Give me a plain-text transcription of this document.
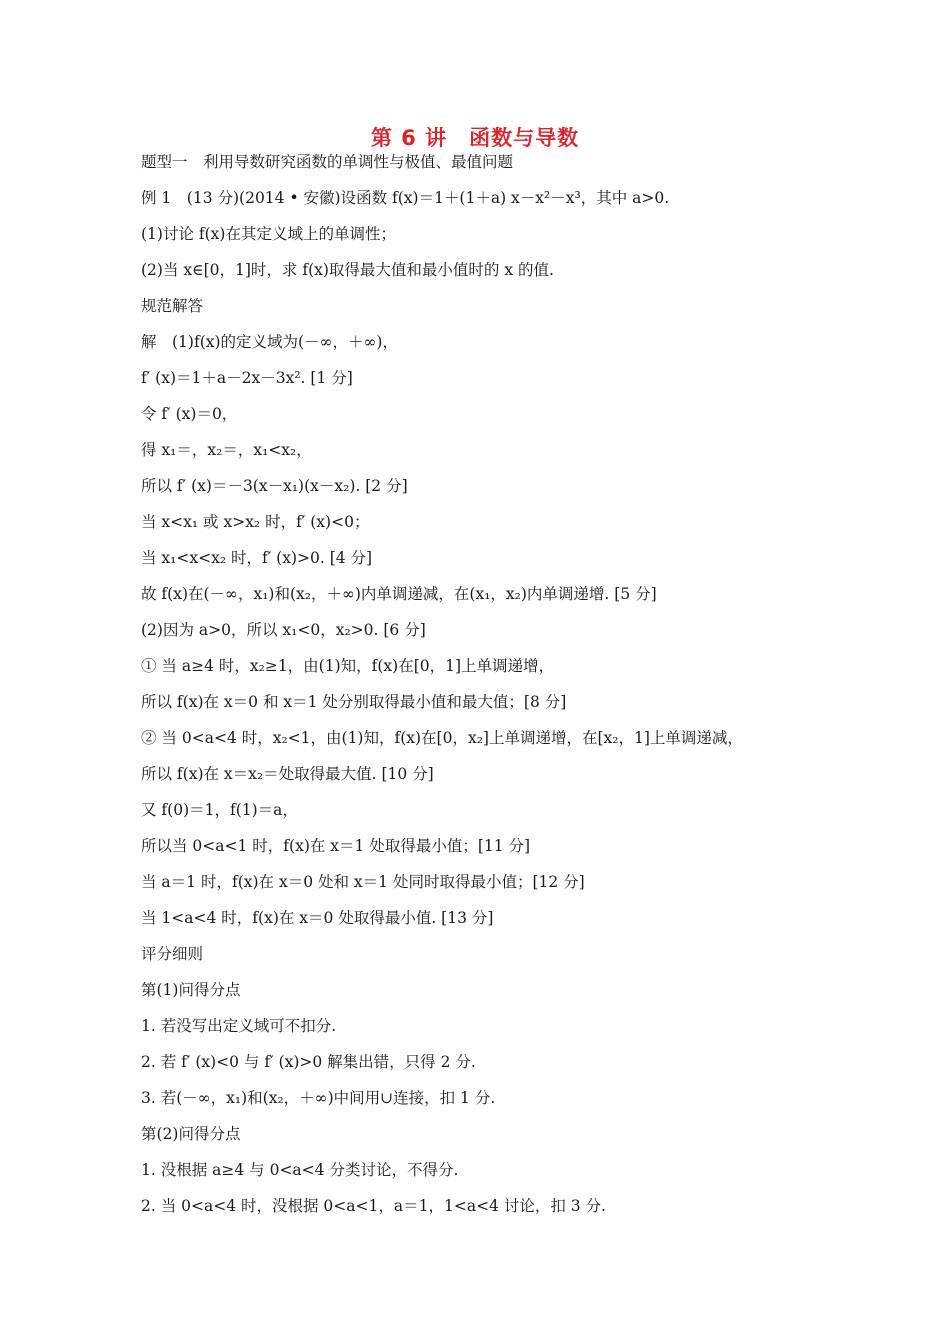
第 6 讲　函数与导数
题型一　利用导数研究函数的单调性与极值、最值问题
例 1　(13 分)(2014 • 安徽)设函数 f(x)＝1＋(1＋a) x－x²－x³，其中 a>0.
(1)讨论 f(x)在其定义域上的单调性；
(2)当 x∈[0，1]时，求 f(x)取得最大值和最小值时的 x 的值.
规范解答
解　(1)f(x)的定义域为(－∞，＋∞)，
f′ (x)＝1＋a－2x－3x². [1 分]
令 f′ (x)＝0，
得 x₁＝，x₂＝，x₁<x₂，
所以 f′ (x)＝－3(x－x₁)(x－x₂). [2 分]
当 x<x₁ 或 x>x₂ 时，f′ (x)<0；
当 x₁<x<x₂ 时，f′ (x)>0. [4 分]
故 f(x)在(－∞，x₁)和(x₂，＋∞)内单调递减，在(x₁，x₂)内单调递增. [5 分]
(2)因为 a>0，所以 x₁<0，x₂>0. [6 分]
① 当 a≥4 时，x₂≥1，由(1)知，f(x)在[0，1]上单调递增，
所以 f(x)在 x＝0 和 x＝1 处分别取得最小值和最大值；[8 分]
② 当 0<a<4 时，x₂<1，由(1)知，f(x)在[0，x₂]上单调递增，在[x₂，1]上单调递减，
所以 f(x)在 x＝x₂＝处取得最大值. [10 分]
又 f(0)＝1，f(1)＝a，
所以当 0<a<1 时，f(x)在 x＝1 处取得最小值；[11 分]
当 a＝1 时，f(x)在 x＝0 处和 x＝1 处同时取得最小值；[12 分]
当 1<a<4 时，f(x)在 x＝0 处取得最小值. [13 分]
评分细则
第(1)问得分点
1. 若没写出定义域可不扣分.
2. 若 f′ (x)<0 与 f′ (x)>0 解集出错，只得 2 分.
3. 若(－∞，x₁)和(x₂，＋∞)中间用∪连接，扣 1 分.
第(2)问得分点
1. 没根据 a≥4 与 0<a<4 分类讨论，不得分.
2. 当 0<a<4 时，没根据 0<a<1，a＝1，1<a<4 讨论，扣 3 分.
